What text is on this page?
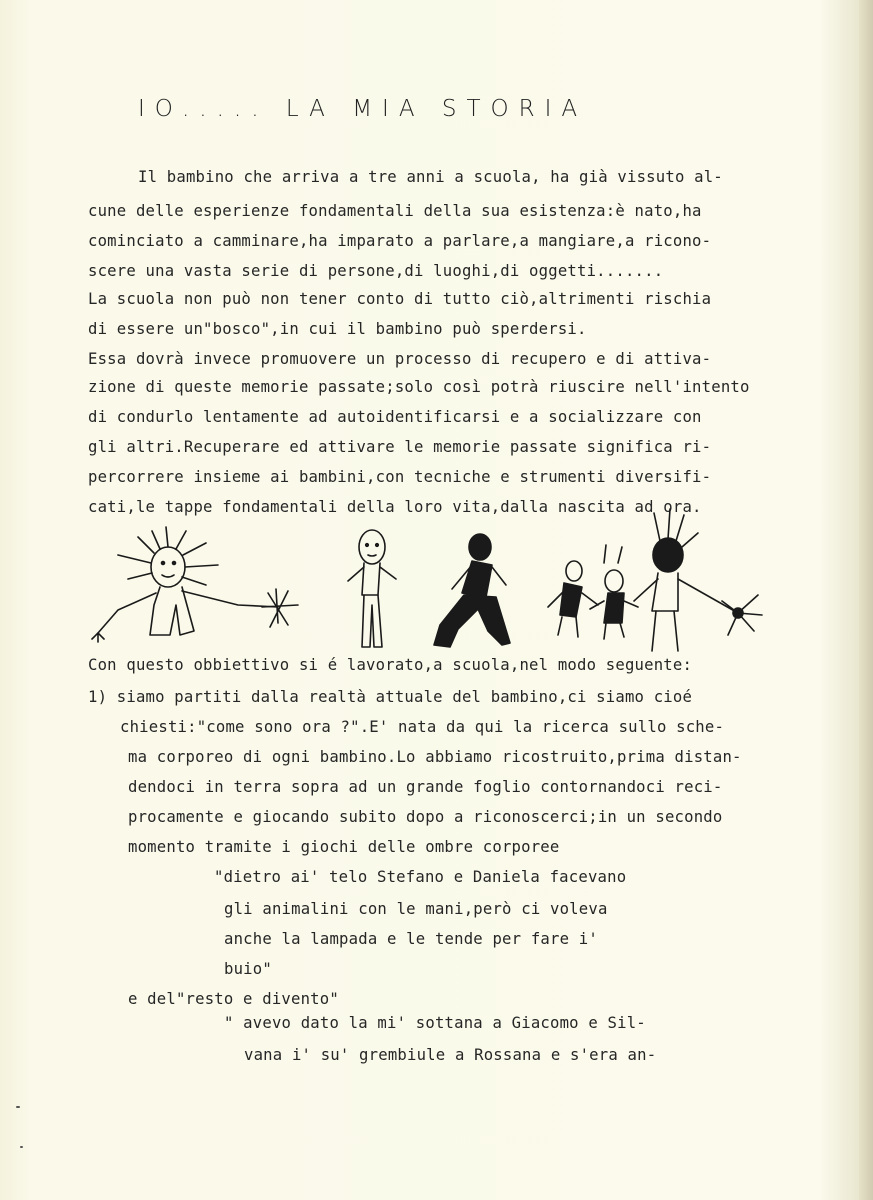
IO..... LA MIA STORIA
Il bambino che arriva a tre anni a scuola, ha già vissuto al-
cune delle esperienze fondamentali della sua esistenza:è nato,ha
cominciato a camminare,ha imparato a parlare,a mangiare,a ricono-
scere una vasta serie di persone,di luoghi,di oggetti.......
La scuola non può non tener conto di tutto ciò,altrimenti rischia
di essere un"bosco",in cui il bambino può sperdersi.
Essa dovrà invece promuovere un processo di recupero e di attiva-
zione di queste memorie passate;solo così potrà riuscire nell'intento
di condurlo lentamente ad autoidentificarsi e a socializzare con
gli altri.Recuperare ed attivare le memorie passate significa ri-
percorrere insieme ai bambini,con tecniche e strumenti diversifi-
cati,le tappe fondamentali della loro vita,dalla nascita ad ora.
Con questo obbiettivo si é lavorato,a scuola,nel modo seguente:
1) siamo partiti dalla realtà attuale del bambino,ci siamo cioé
chiesti:"come sono ora ?".E' nata da qui la ricerca sullo sche-
ma corporeo di ogni bambino.Lo abbiamo ricostruito,prima distan-
dendoci in terra sopra ad un grande foglio contornandoci reci-
procamente e giocando subito dopo a riconoscerci;in un secondo
momento tramite i giochi delle ombre corporee
"dietro ai' telo Stefano e Daniela facevano
gli animalini con le mani,però ci voleva
anche la lampada e le tende per fare i'
buio"
e del"resto e divento"
" avevo dato la mi' sottana a Giacomo e Sil-
vana i' su' grembiule a Rossana e s'era an-
